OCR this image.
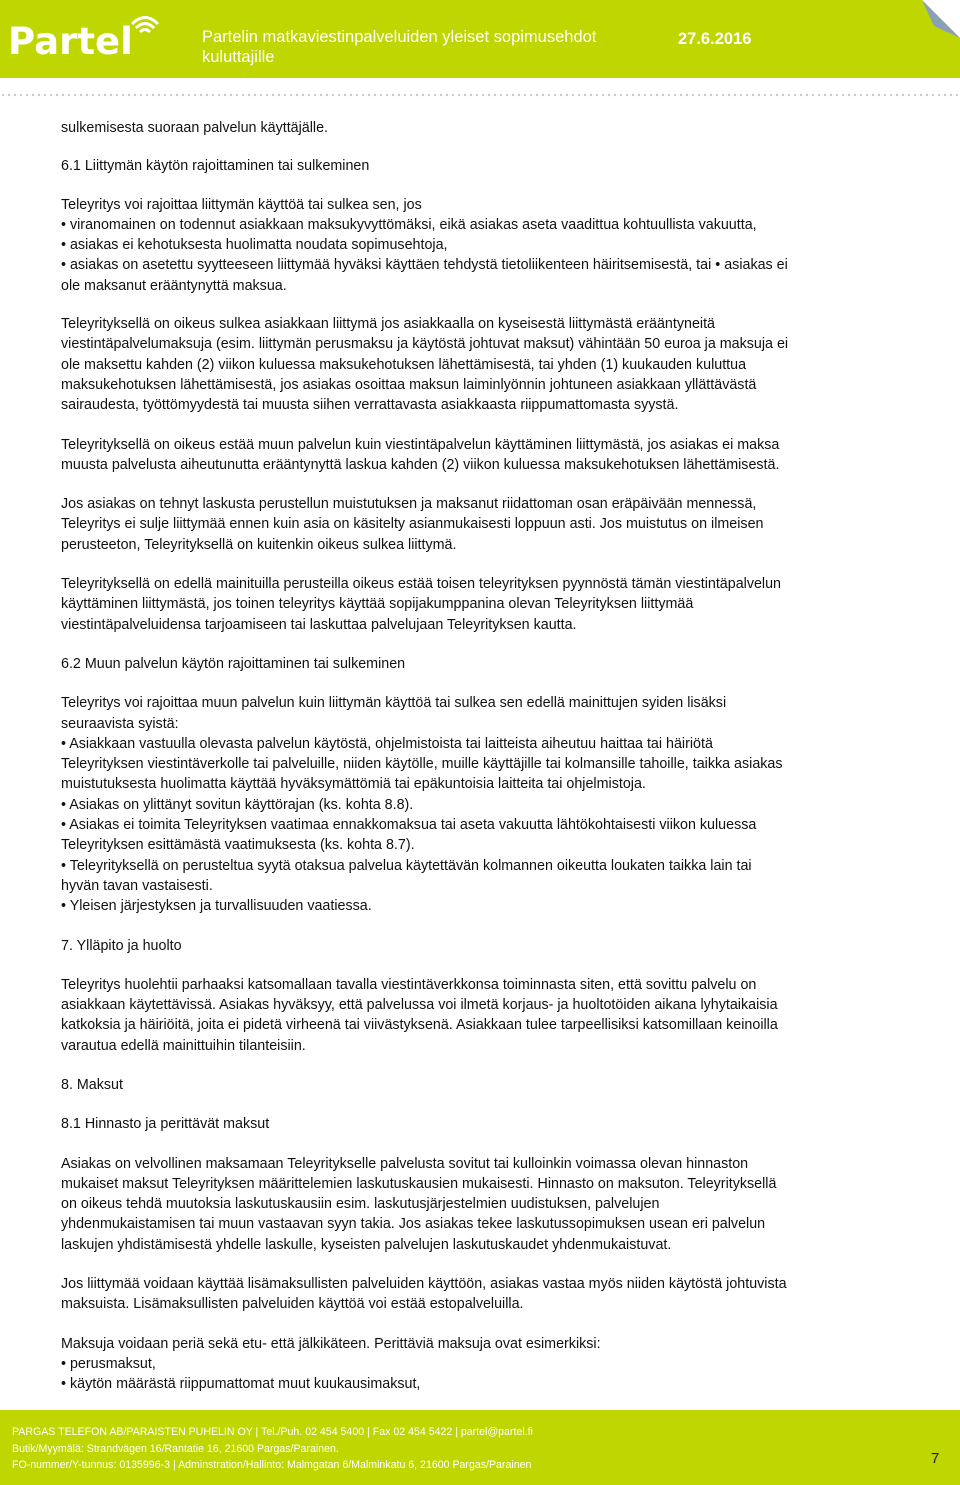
Partel	Partelin matkaviestinpalveluiden yleiset sopimusehdot kuluttajille
27.6.2016

sulkemisesta suoraan palvelun käyttäjälle.

6.1 Liittymän käytön rajoittaminen tai sulkeminen

Teleyritys voi rajoittaa liittymän käyttöä tai sulkea sen, jos
• viranomainen on todennut asiakkaan maksukyvyttömäksi, eikä asiakas aseta vaadittua kohtuullista vakuutta,
• asiakas ei kehotuksesta huolimatta noudata sopimusehtoja,
• asiakas on asetettu syytteeseen liittymää hyväksi käyttäen tehdystä tietoliikenteen häiritsemisestä, tai • asiakas ei
ole maksanut erääntynyttä maksua.

Teleyrityksellä on oikeus sulkea asiakkaan liittymä jos asiakkaalla on kyseisestä liittymästä erääntyneitä
viestintäpalvelumaksuja (esim. liittymän perusmaksu ja käytöstä johtuvat maksut) vähintään 50 euroa ja maksuja ei
ole maksettu kahden (2) viikon kuluessa maksukehotuksen lähettämisestä, tai yhden (1) kuukauden kuluttua
maksukehotuksen lähettämisestä, jos asiakas osoittaa maksun laiminlyönnin johtuneen asiakkaan yllättävästä
sairaudesta, työttömyydestä tai muusta siihen verrattavasta asiakkaasta riippumattomasta syystä.

Teleyrityksellä on oikeus estää muun palvelun kuin viestintäpalvelun käyttäminen liittymästä, jos asiakas ei maksa
muusta palvelusta aiheutunutta erääntynyttä laskua kahden (2) viikon kuluessa maksukehotuksen lähettämisestä.

Jos asiakas on tehnyt laskusta perustellun muistutuksen ja maksanut riidattoman osan eräpäivään mennessä,
Teleyritys ei sulje liittymää ennen kuin asia on käsitelty asianmukaisesti loppuun asti. Jos muistutus on ilmeisen
perusteeton, Teleyrityksellä on kuitenkin oikeus sulkea liittymä.

Teleyrityksellä on edellä mainituilla perusteilla oikeus estää toisen teleyrityksen pyynnöstä tämän viestintäpalvelun
käyttäminen liittymästä, jos toinen teleyritys käyttää sopijakumppanina olevan Teleyrityksen liittymää
viestintäpalveluidensa tarjoamiseen tai laskuttaa palvelujaan Teleyrityksen kautta.

6.2 Muun palvelun käytön rajoittaminen tai sulkeminen

Teleyritys voi rajoittaa muun palvelun kuin liittymän käyttöä tai sulkea sen edellä mainittujen syiden lisäksi
seuraavista syistä:
• Asiakkaan vastuulla olevasta palvelun käytöstä, ohjelmistoista tai laitteista aiheutuu haittaa tai häiriötä
Teleyrityksen viestintäverkolle tai palveluille, niiden käytölle, muille käyttäjille tai kolmansille tahoille, taikka asiakas
muistutuksesta huolimatta käyttää hyväksymättömiä tai epäkuntoisia laitteita tai ohjelmistoja.
• Asiakas on ylittänyt sovitun käyttörajan (ks. kohta 8.8).
• Asiakas ei toimita Teleyrityksen vaatimaa ennakkomaksua tai aseta vakuutta lähtökohtaisesti viikon kuluessa
Teleyrityksen esittämästä vaatimuksesta (ks. kohta 8.7).
• Teleyrityksellä on perusteltua syytä otaksua palvelua käytettävän kolmannen oikeutta loukaten taikka lain tai
hyvän tavan vastaisesti.
• Yleisen järjestyksen ja turvallisuuden vaatiessa.

7. Ylläpito ja huolto

Teleyritys huolehtii parhaaksi katsomallaan tavalla viestintäverkkonsa toiminnasta siten, että sovittu palvelu on
asiakkaan käytettävissä. Asiakas hyväksyy, että palvelussa voi ilmetä korjaus- ja huoltotöiden aikana lyhytaikaisia
katkoksia ja häiriöitä, joita ei pidetä virheenä tai viivästyksenä. Asiakkaan tulee tarpeellisiksi katsomillaan keinoilla
varautua edellä mainittuihin tilanteisiin.

8. Maksut

8.1 Hinnasto ja perittävät maksut

Asiakas on velvollinen maksamaan Teleyritykselle palvelusta sovitut tai kulloinkin voimassa olevan hinnaston
mukaiset maksut Teleyrityksen määrittelemien laskutuskausien mukaisesti. Hinnasto on maksuton. Teleyrityksellä
on oikeus tehdä muutoksia laskutuskausiin esim. laskutusjärjestelmien uudistuksen, palvelujen
yhdenmukaistamisen tai muun vastaavan syyn takia. Jos asiakas tekee laskutussopimuksen usean eri palvelun
laskujen yhdistämisestä yhdelle laskulle, kyseisten palvelujen laskutuskaudet yhdenmukaistuvat.

Jos liittymää voidaan käyttää lisämaksullisten palveluiden käyttöön, asiakas vastaa myös niiden käytöstä johtuvista
maksuista. Lisämaksullisten palveluiden käyttöä voi estää estopalveluilla.

Maksuja voidaan periä sekä etu- että jälkikäteen. Perittäviä maksuja ovat esimerkiksi:
• perusmaksut,
• käytön määrästä riippumattomat muut kuukausimaksut,

PARGAS TELEFON AB/PARAISTEN PUHELIN OY | Tel./Puh. 02 454 5400 | Fax 02 454 5422 | partel@partel.fi
Butik/Myymälä: Strandvägen 16/Rantatie 16, 21600 Pargas/Parainen.
FO-nummer/Y-tunnus: 0135996-3 | Adminstration/Hallinto: Malmgatan 6/Malminkatu 6, 21600 Pargas/Parainen	7
